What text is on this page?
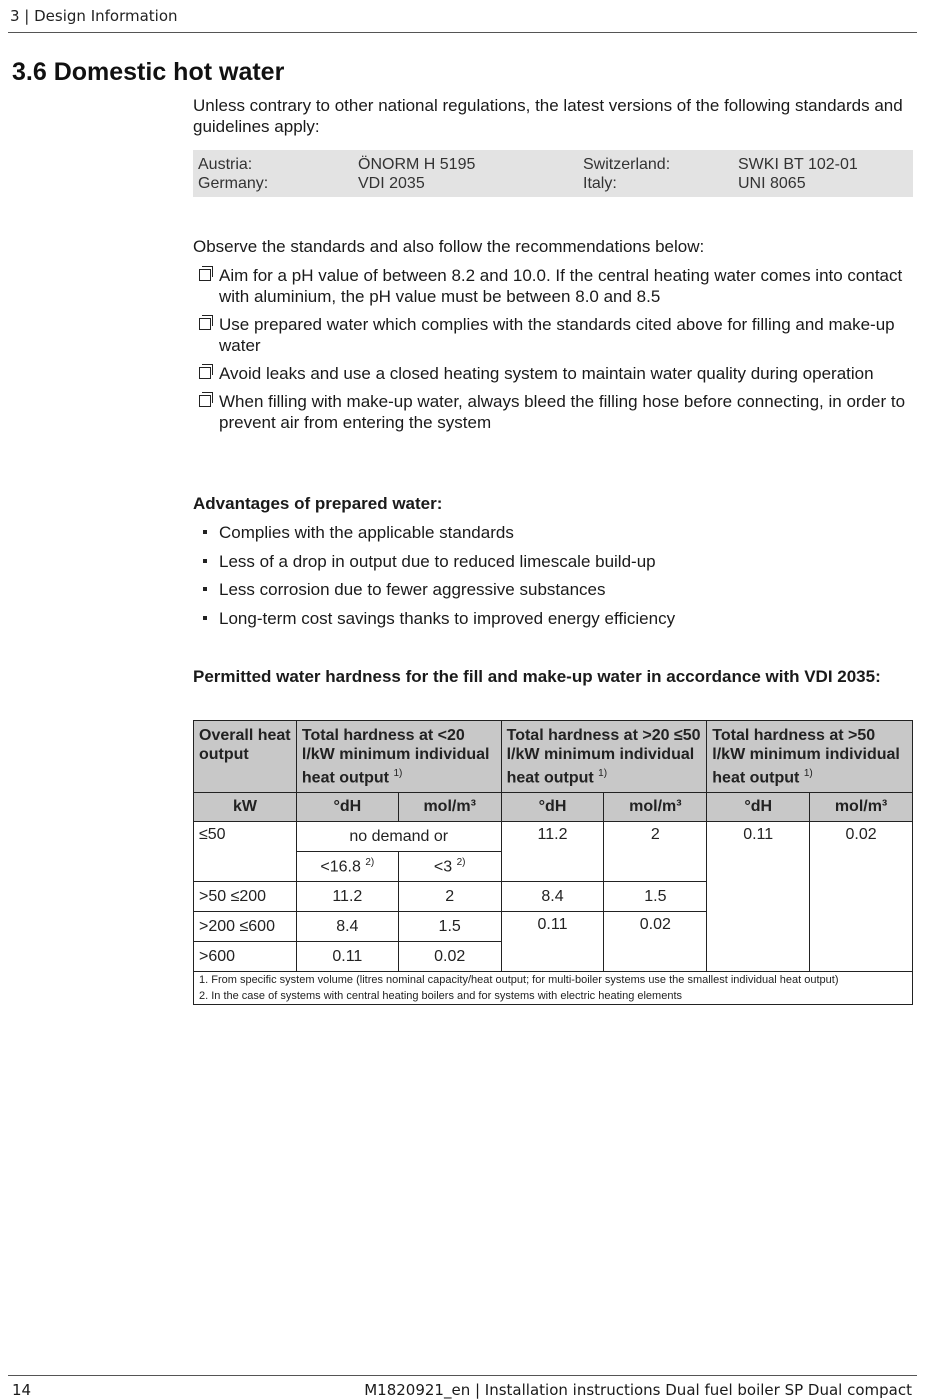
3 | Design Information
3.6 Domestic hot water
Unless contrary to other national regulations, the latest versions of the following standards and guidelines apply:
Austria:	ÖNORM H 5195	Switzerland:	SWKI BT 102-01
Germany:	VDI 2035	Italy:	UNI 8065
Observe the standards and also follow the recommendations below:
Aim for a pH value of between 8.2 and 10.0. If the central heating water comes into contact with aluminium, the pH value must be between 8.0 and 8.5
Use prepared water which complies with the standards cited above for filling and make-up water
Avoid leaks and use a closed heating system to maintain water quality during operation
When filling with make-up water, always bleed the filling hose before connecting, in order to prevent air from entering the system
Advantages of prepared water:
Complies with the applicable standards
Less of a drop in output due to reduced limescale build-up
Less corrosion due to fewer aggressive substances
Long-term cost savings thanks to improved energy efficiency
Permitted water hardness for the fill and make-up water in accordance with VDI 2035:
Overall heat output	Total hardness at <20 l/kW minimum individual heat output $^{1)}$		Total hardness at >20 ≤50 l/kW minimum individual heat output $^{1)}$		Total hardness at >50 l/kW minimum individual heat output $^{1)}$
kW	°dH	mol/m³	°dH	mol/m³	°dH	mol/m³
≤50	no demand or		11.2	2	0.11	0.02
	<16.8 $^{2)}$	<3 $^{2)}$
>50 ≤200	11.2	2	8.4	1.5		
>200 ≤600	8.4	1.5	0.11	0.02		
>600	0.11	0.02				
1. From specific system volume (litres nominal capacity/heat output; for multi-boiler systems use the smallest individual heat output)						
2. In the case of systems with central heating boilers and for systems with electric heating elements						
14	M1820921_en | Installation instructions Dual fuel boiler SP Dual compact
